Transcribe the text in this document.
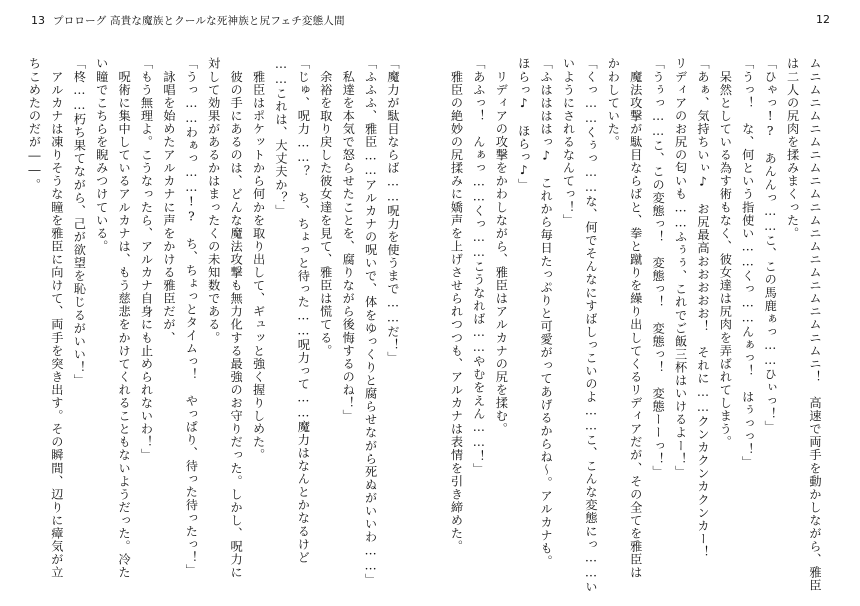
13 プロローグ 高貴な魔族とクールな死神族と尻フェチ変態人間
「魔力が駄目ならば……呪力を使うまで……だ！」
「ふふふ、雅臣……アルカナの呪いで、体をゆっくりと腐らせながら死ぬがいいわ……」
　私達を本気で怒らせたことを、腐りながら後悔するのね！」
　余裕を取り戻した彼女達を見て、雅臣は慌てる。
「じゅ、呪力……？　ち、ちょっと待った……呪力って……魔力はなんとかなるけど
……これは、大丈夫か？」
　雅臣はポケットから何かを取り出して、ギュッと強く握りしめた。
　彼の手にあるのは、どんな魔法攻撃も無力化する最強のお守りだった。しかし、呪力に
対して効果があるかはまったくの未知数である。
「うっ……わぁっ……!?　ち、ちょっとタイムっ！　やっぱり、待った待ったっ！」
　詠唱を始めたアルカナに声をかける雅臣だが、
「もう無理よ。こうなったら、アルカナ自身にも止められないわ！」
　呪術に集中しているアルカナは、もう慈悲をかけてくれることもないようだった。冷た
い瞳でこちらを睨みつけている。
「柊……朽ち果てながら、己が欲望を恥じるがいい！」
　アルカナは凍りそうな瞳を雅臣に向けて、両手を突き出す。その瞬間、辺りに瘴気が立
ちこめたのだが――。
12
ムニムニムニムニムニムニムニムニムニムニムニムニ！　高速で両手を動かしながら、雅臣
は二人の尻肉を揉みまくった。
「ひゃっ!?　あんんっ……こ、この馬鹿ぁっ……ひぃっ！」
「うっ！　な、何という指使い……くっ……んぁっ！　はぅっっ！」
　呆然としている為す術もなく、彼女達は尻肉を弄ばれてしまう。
「あぁ、気持ちいぃ♪　お尻最高おおおおお！　それに……クンカクンカクンカー！
リディアのお尻の匂いも……ふぅぅ、これでご飯三杯はいけるよー！」
「うぅっ……こ、この変態っ！　変態っ！　変態っ！　変態ーーっ！」
　魔法攻撃が駄目ならばと、拳と蹴りを繰り出してくるリディアだが、その全てを雅臣は
かわしていた。
「くっ……くぅっ……な、何でそんなにすばしっこいのよ……こ、こんな変態にっ……い
いようにされるなんてっ！」
「ふははははっ♪　これから毎日たっぷりと可愛がってあげるからね〜。アルカナも。
ほらっ♪　ほらっ♪」
　リディアの攻撃をかわしながら、雅臣はアルカナの尻を揉む。
「あふっ！　んぁっ……くっ……こうなれば……やむをえん……！」
　雅臣の絶妙の尻揉みに嬌声を上げさせられつつも、アルカナは表情を引き締めた。
